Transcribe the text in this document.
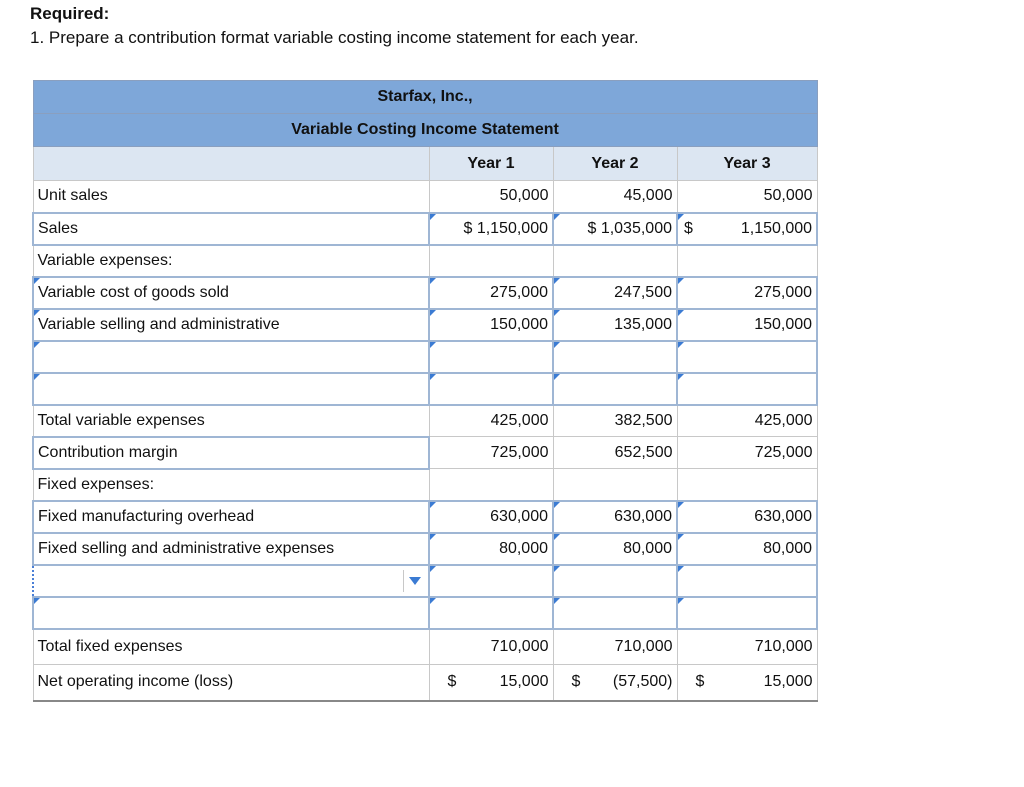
Required:
1. Prepare a contribution format variable costing income statement for each year.
Starfax, Inc.,			
Variable Costing Income Statement			
	Year 1	Year 2	Year 3
Unit sales	50,000	45,000	50,000
Sales	$ 1,150,000	$ 1,035,000	$ 1,150,000
Variable expenses:			
Variable cost of goods sold	275,000	247,500	275,000
Variable selling and administrative	150,000	135,000	150,000

Total variable expenses	425,000	382,500	425,000
Contribution margin	725,000	652,500	725,000
Fixed expenses:			
Fixed manufacturing overhead	630,000	630,000	630,000
Fixed selling and administrative expenses	80,000	80,000	80,000

Total fixed expenses	710,000	710,000	710,000
Net operating income (loss)	$ 15,000	$ (57,500)	$ 15,000
